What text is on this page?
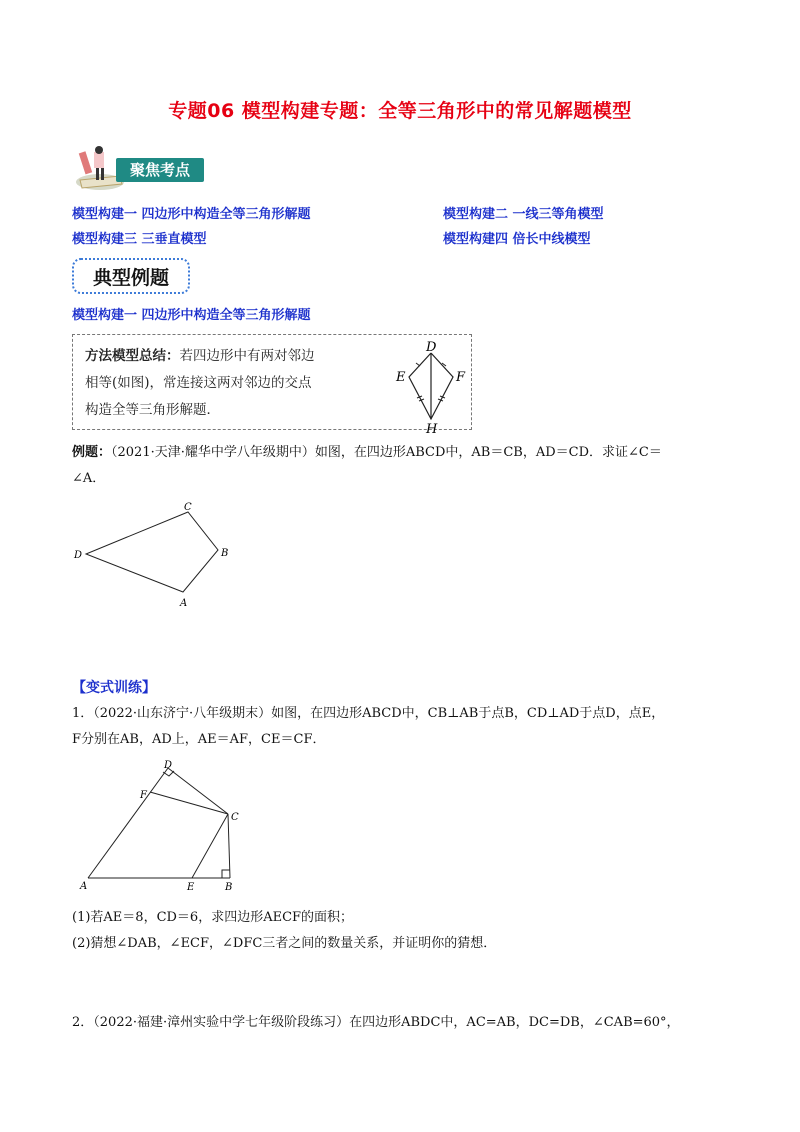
专题06 模型构建专题：全等三角形中的常见解题模型
聚焦考点
模型构建一 四边形中构造全等三角形解题	模型构建二 一线三等角模型
模型构建三 三垂直模型	模型构建四 倍长中线模型
典型例题
模型构建一 四边形中构造全等三角形解题
方法模型总结：若四边形中有两对邻边
相等(如图)，常连接这两对邻边的交点
构造全等三角形解题．
D
E	F
H
例题：（2021·天津·耀华中学八年级期中）如图，在四边形ABCD中，AB＝CB，AD＝CD．求证∠C＝
∠A．
C
D	B
A
【变式训练】
1．（2022·山东济宁·八年级期末）如图，在四边形ABCD中，CB⊥AB于点B，CD⊥AD于点D，点E，
F分别在AB，AD上，AE＝AF，CE＝CF．
D
F
C
A	E	B
(1)若AE＝8，CD＝6，求四边形AECF的面积；
(2)猜想∠DAB，∠ECF，∠DFC三者之间的数量关系，并证明你的猜想．
2．（2022·福建·漳州实验中学七年级阶段练习）在四边形ABDC中，AC=AB，DC=DB，∠CAB=60°，
